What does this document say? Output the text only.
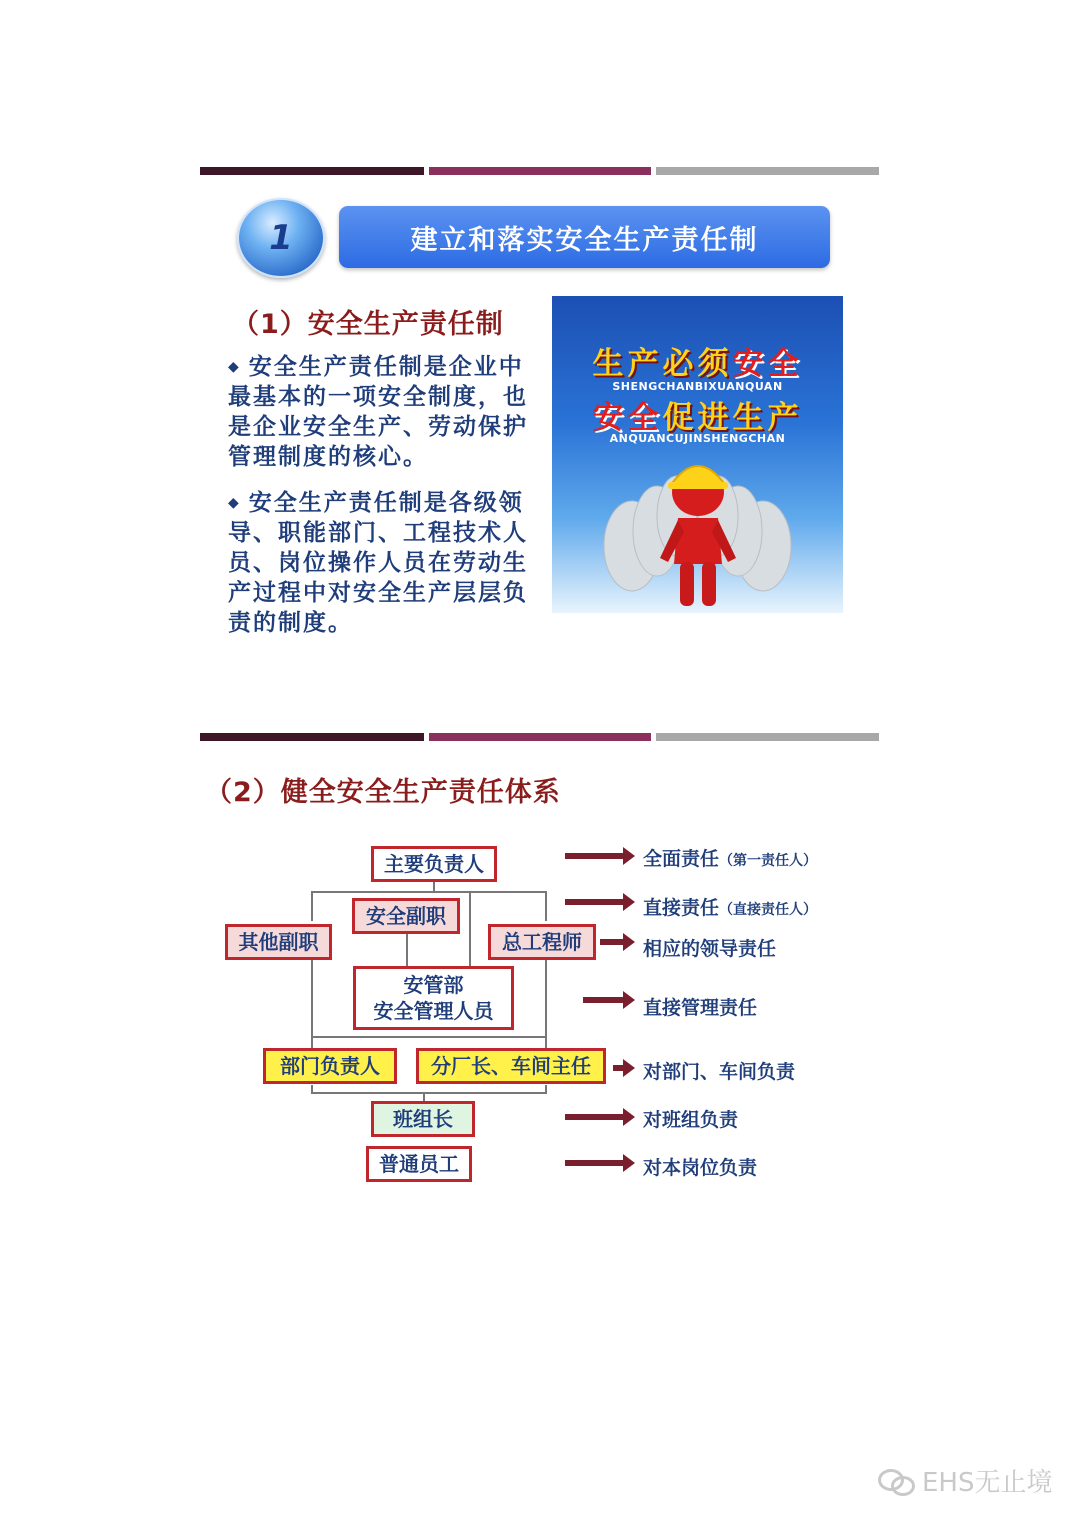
1	建立和落实安全生产责任制
（1）安全生产责任制
◆ 安全生产责任制是企业中最基本的一项安全制度，也是企业安全生产、劳动保护管理制度的核心。
◆ 安全生产责任制是各级领导、职能部门、工程技术人员、岗位操作人员在劳动生产过程中对安全生产层层负责的制度。
生产必须安全
SHENGCHANBIXUANQUAN
安全促进生产
ANQUANCUJINSHENGCHAN
（2）健全安全生产责任体系
主要负责人
安全副职
其他副职	总工程师
安管部
安全管理人员
部门负责人	分厂长、车间主任
班组长
普通员工
全面责任（第一责任人）
直接责任（直接责任人）
相应的领导责任
直接管理责任
对部门、车间负责
对班组负责
对本岗位负责
EHS无止境
